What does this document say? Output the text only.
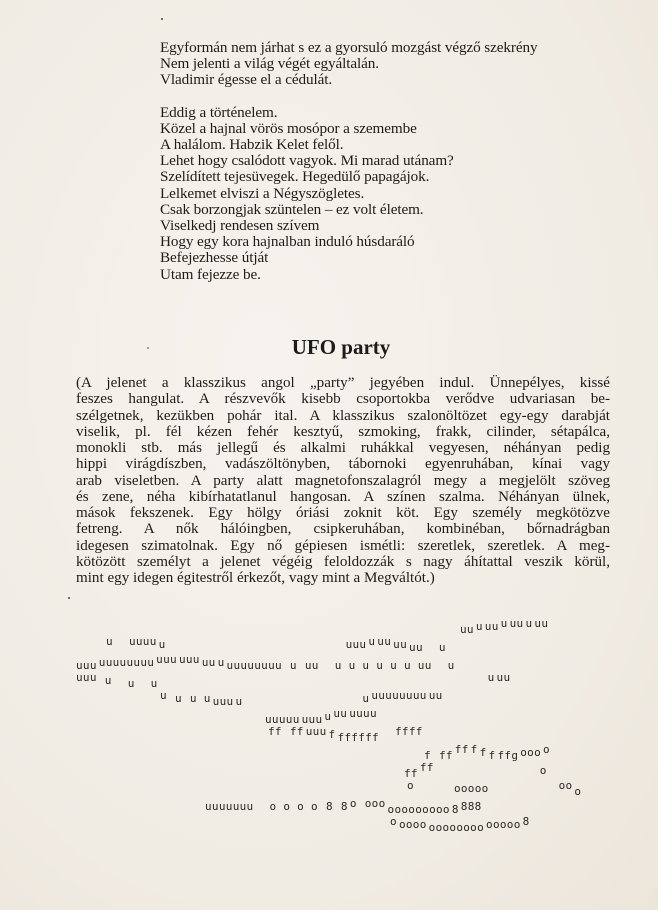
Egyformán nem járhat s ez a gyorsuló mozgást végző szekrény
Nem jelenti a világ végét egyáltalán.
Vladimir égesse el a cédulát.
Eddig a történelem.
Közel a hajnal vörös mosópor a szemembe
A halálom. Habzik Kelet felől.
Lehet hogy csalódott vagyok. Mi marad utánam?
Szelídített tejesüvegek. Hegedülő papagájok.
Lelkemet elviszi a Négyszögletes.
Csak borzongjak szüntelen – ez volt életem.
Viselkedj rendesen szívem
Hogy egy kora hajnalban induló húsdaráló
Befejezhesse útját
Utam fejezze be.
UFO party
(A jelenet a klasszikus angol „party” jegyében indul. Ünnepélyes, kissé
feszes hangulat. A részvevők kisebb csoportokba verődve udvariasan be-
szélgetnek, kezükben pohár ital. A klasszikus szalonöltözet egy-egy darabját
viselik, pl. fél kézen fehér kesztyű, szmoking, frakk, cilinder, sétapálca,
monokli stb. más jellegű és alkalmi ruhákkal vegyesen, néhányan pedig
hippi virágdíszben, vadászöltönyben, tábornoki egyenruhában, kínai vagy
arab viseletben. A party alatt magnetofonszalagról megy a megjelölt szöveg
és zene, néha kibírhatatlanul hangosan. A színen szalma. Néhányan ülnek,
mások fekszenek. Egy hölgy óriási zoknit köt. Egy személy megkötözve
fetreng. A nők hálóingben, csipkeruhában, kombinéban, bőrnadrágban
idegesen szimatolnak. Egy nő gépiesen ismétli: szeretlek, szeretlek. A meg-
kötözött személyt a jelenet végéig feloldozzák s nagy áhítattal veszik körül,
mint egy idegen égitestről érkezőt, vagy mint a Megváltót.)
uu u uu u uu u uu
u uuuu u	uuu u uu uu uu u
uuu uuuuuuuu uuu uuu uu u uuuuuuuu u uu u u u u u u uu u
uuu u u u	u uu
u u u u uuu u	u uuuuuuuu uu
uuuuu uuu u uu uuuu
ff ff uuu f ffffff ffff
f ff ff f f f ffg ooo o
ff ff	o
o	ooooo	oo o
uuuuuuu o o o o 8 8 o ooo ooooooooo 8 888
o oooo oooooooo ooooo 8
